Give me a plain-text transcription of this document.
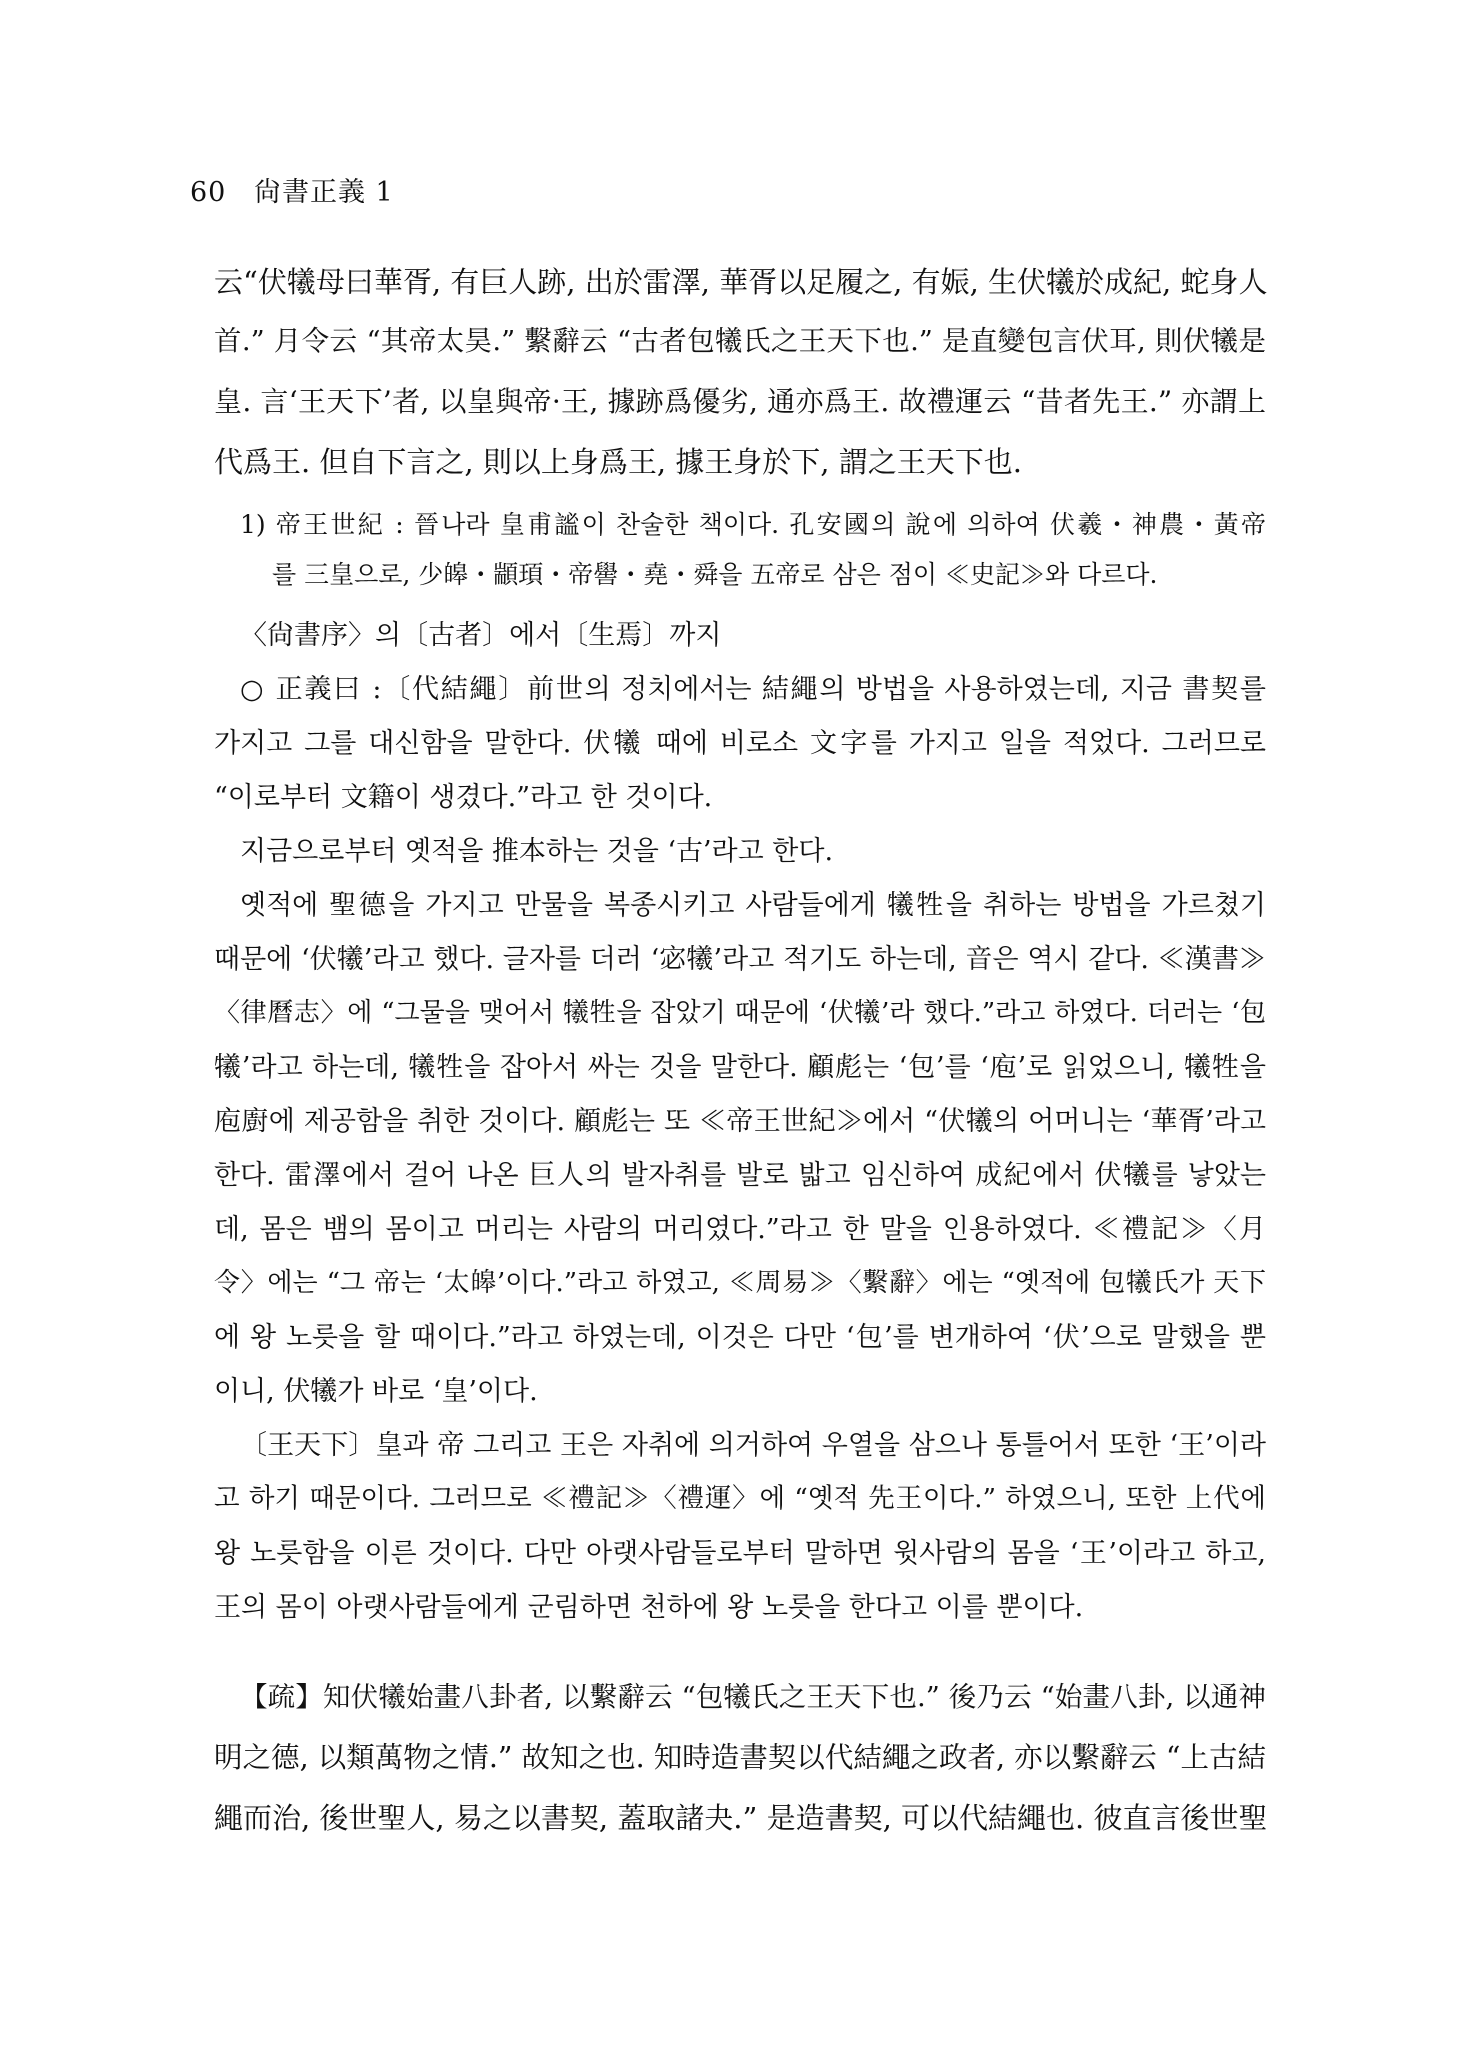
60 尙書正義 1
云“伏犧母曰華胥, 有巨人跡, 出於雷澤, 華胥以足履之, 有娠, 生伏犧於成紀, 蛇身人
首.” 月令云 “其帝太昊.” 繫辭云 “古者包犧氏之王天下也.” 是直變包言伏耳, 則伏犧是
皇. 言‘王天下’者, 以皇與帝·王, 據跡爲優劣, 通亦爲王. 故禮運云 “昔者先王.” 亦謂上
代爲王. 但自下言之, 則以上身爲王, 據王身於下, 謂之王天下也.
1) 帝王世紀 : 晉나라 皇甫謐이 찬술한 책이다. 孔安國의 說에 의하여 伏羲・神農・黃帝
를 三皇으로, 少皞・顓頊・帝嚳・堯・舜을 五帝로 삼은 점이 ≪史記≫와 다르다.
〈尙書序〉의〔古者〕에서〔生焉〕까지
○ 正義曰 :〔代結繩〕前世의 정치에서는 結繩의 방법을 사용하였는데, 지금 書契를
가지고 그를 대신함을 말한다. 伏犧 때에 비로소 文字를 가지고 일을 적었다. 그러므로
“이로부터 文籍이 생겼다.”라고 한 것이다.
지금으로부터 옛적을 推本하는 것을 ‘古’라고 한다.
옛적에 聖德을 가지고 만물을 복종시키고 사람들에게 犧牲을 취하는 방법을 가르쳤기
때문에 ‘伏犧’라고 했다. 글자를 더러 ‘宓犧’라고 적기도 하는데, 音은 역시 같다. ≪漢書≫
〈律曆志〉에 “그물을 맺어서 犧牲을 잡았기 때문에 ‘伏犧’라 했다.”라고 하였다. 더러는 ‘包
犧’라고 하는데, 犧牲을 잡아서 싸는 것을 말한다. 顧彪는 ‘包’를 ‘庖’로 읽었으니, 犧牲을
庖廚에 제공함을 취한 것이다. 顧彪는 또 ≪帝王世紀≫에서 “伏犧의 어머니는 ‘華胥’라고
한다. 雷澤에서 걸어 나온 巨人의 발자취를 발로 밟고 임신하여 成紀에서 伏犧를 낳았는
데, 몸은 뱀의 몸이고 머리는 사람의 머리였다.”라고 한 말을 인용하였다. ≪禮記≫〈月
令〉에는 “그 帝는 ‘太皞’이다.”라고 하였고, ≪周易≫〈繫辭〉에는 “옛적에 包犧氏가 天下
에 왕 노릇을 할 때이다.”라고 하였는데, 이것은 다만 ‘包’를 변개하여 ‘伏’으로 말했을 뿐
이니, 伏犧가 바로 ‘皇’이다.
〔王天下〕皇과 帝 그리고 王은 자취에 의거하여 우열을 삼으나 통틀어서 또한 ‘王’이라
고 하기 때문이다. 그러므로 ≪禮記≫〈禮運〉에 “옛적 先王이다.” 하였으니, 또한 上代에
왕 노릇함을 이른 것이다. 다만 아랫사람들로부터 말하면 윗사람의 몸을 ‘王’이라고 하고,
王의 몸이 아랫사람들에게 군림하면 천하에 왕 노릇을 한다고 이를 뿐이다.
【疏】知伏犧始畫八卦者, 以繫辭云 “包犧氏之王天下也.” 後乃云 “始畫八卦, 以通神
明之德, 以類萬物之情.” 故知之也. 知時造書契以代結繩之政者, 亦以繫辭云 “上古結
繩而治, 後世聖人, 易之以書契, 蓋取諸夬.” 是造書契, 可以代結繩也. 彼直言後世聖
